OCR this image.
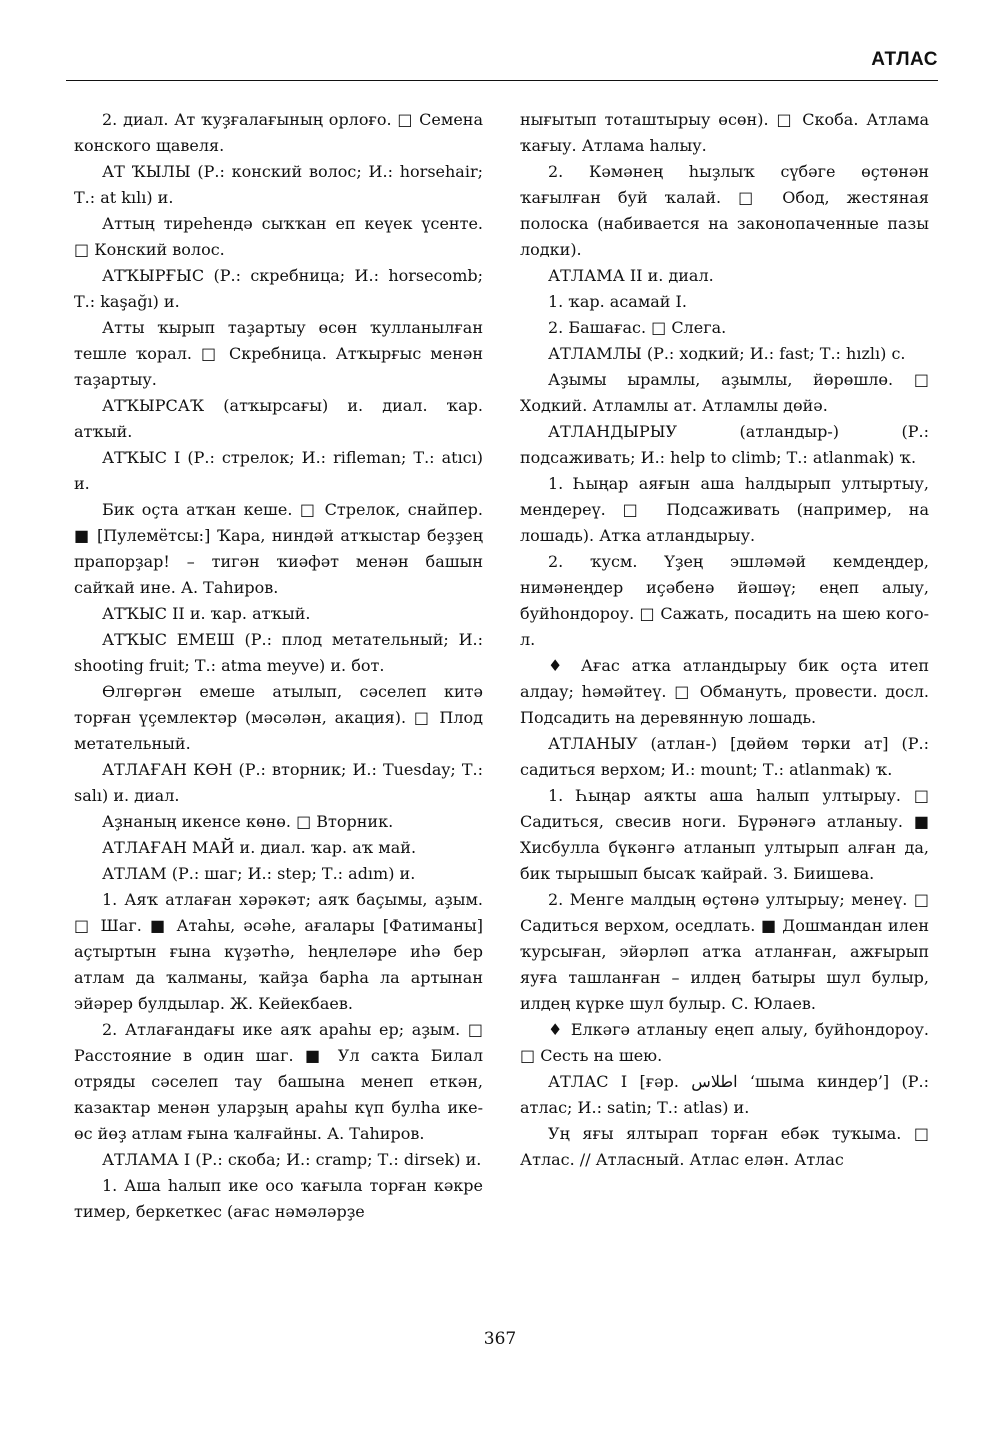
АТЛАС

2. диал. Ат ҡуҙғалағының орлоғо. □ Семена конского щавеля.

АТ ҠЫЛЫ (Р.: конский волос; И.: horsehair; Т.: at kılı) и.

Аттың тиреһендә сыҡҡан еп кеүек үсенте. □ Конский волос.

АТҠЫРҒЫС (Р.: скребница; И.: horsecomb; Т.: kaşağı) и.

Атты ҡырып таҙартыу өсөн ҡулланылған тешле ҡорал. □ Скребница. Атҡырғыс менән таҙартыу.

АТҠЫРСАҠ (атҡырсағы) и. диал. ҡар. атҡый.

АТҠЫС I (Р.: стрелок; И.: rifleman; Т.: atıcı) и.

Бик оҫта атҡан кеше. □ Стрелок, снайпер. ■ [Пулемётсы:] Ҡара, ниндәй атҡыстар беҙҙең прапорҙар! – тигән ҡиәфәт менән башын сайҡай ине. А. Таһиров.

АТҠЫС II и. ҡар. атҡый.

АТҠЫС ЕМЕШ (Р.: плод метательный; И.: shooting fruit; Т.: atma meyve) и. бот.

Өлгөргән емеше атылып, сәселеп китә торған үҫемлектәр (мәсәлән, акация). □ Плод метательный.

АТЛАҒАН КӨН (Р.: вторник; И.: Tuesday; Т.: salı) и. диал.

Аҙнаның икенсе көнө. □ Вторник.

АТЛАҒАН МАЙ и. диал. ҡар. аҡ май.

АТЛАМ (Р.: шаг; И.: step; Т.: adım) и.

1. Аяҡ атлаған хәрәкәт; аяҡ баҫымы, аҙым. □ Шаг. ■ Атаһы, әсәһе, ағалары [Фатиманы] аҫтыртын ғына күҙәтһә, һеңлеләре иһә бер атлам да ҡалманы, ҡайҙа барһа ла артынан эйәрер булдылар. Ж. Кейекбаев.

2. Атлағандағы ике аяҡ араһы ер; аҙым. □ Расстояние в один шаг. ■ Ул саҡта Билал отряды сәселеп тау башына менеп еткән, казактар менән уларҙың араһы күп булһа ике-өс йөҙ атлам ғына ҡалғайны. А. Таһиров.

АТЛАМА I (Р.: скоба; И.: cramp; Т.: dirsek) и.

1. Аша һалып ике осо ҡағыла торған кәкре тимер, беркеткес (ағас нәмәләрҙе

нығытып тоташтырыу өсөн). □ Скоба. Атлама ҡағыу. Атлама һалыу.

2. Кәмәнең һыҙлыҡ сүбәге өҫтөнән ҡағылған буй ҡалай. □ Обод, жестяная полоска (набивается на законопаченные пазы лодки).

АТЛАМА II и. диал.

1. ҡар. асамай I.

2. Башағас. □ Слега.

АТЛАМЛЫ (Р.: ходкий; И.: fast; Т.: hızlı) с.

Аҙымы ырамлы, аҙымлы, йөрөшлө. □ Ходкий. Атламлы ат. Атламлы дөйә.

АТЛАНДЫРЫУ (атландыр-) (Р.: подсаживать; И.: help to climb; Т.: atlanmak) ҡ.

1. Һыңар аяғын аша һалдырып ултыртыу, мендереү. □ Подсаживать (например, на лошадь). Атҡа атландырыу.

2. ҡусм. Үҙең эшләмәй кемдеңдер, нимәнеңдер иҫәбенә йәшәү; еңеп алыу, буйһондороу. □ Сажать, посадить на шею кого-л.

♦ Ағас атҡа атландырыу бик оҫта итеп алдау; һәмәйтеү. □ Обмануть, провести. досл. Подсадить на деревянную лошадь.

АТЛАНЫУ (атлан-) [дөйөм төрки ат] (Р.: садиться верхом; И.: mount; Т.: atlanmak) ҡ.

1. Һыңар аяҡты аша һалып ултырыу. □ Садиться, свесив ноги. Бүрәнәгә атланыу. ■ Хисбулла бүкәнгә атланып ултырып алған да, бик тырышып бысаҡ ҡайрай. З. Биишева.

2. Менге малдың өҫтөнә ултырыу; менеү. □ Садиться верхом, оседлать. ■ Дошмандан илен ҡурсыған, эйәрләп атҡа атланған, ажғырып яуға ташланған – илдең батыры шул булыр, илдең күрке шул булыр. С. Юлаев.

♦ Елкәгә атланыу еңеп алыу, буйһондороу. □ Сесть на шею.

АТЛАС I [ғәр. اطلاس ‘шыма киндер’] (Р.: атлас; И.: satin; Т.: atlas) и.

Уң яғы ялтырап торған ебәк туҡыма. □ Атлас. // Атласный. Атлас елән. Атлас

367
